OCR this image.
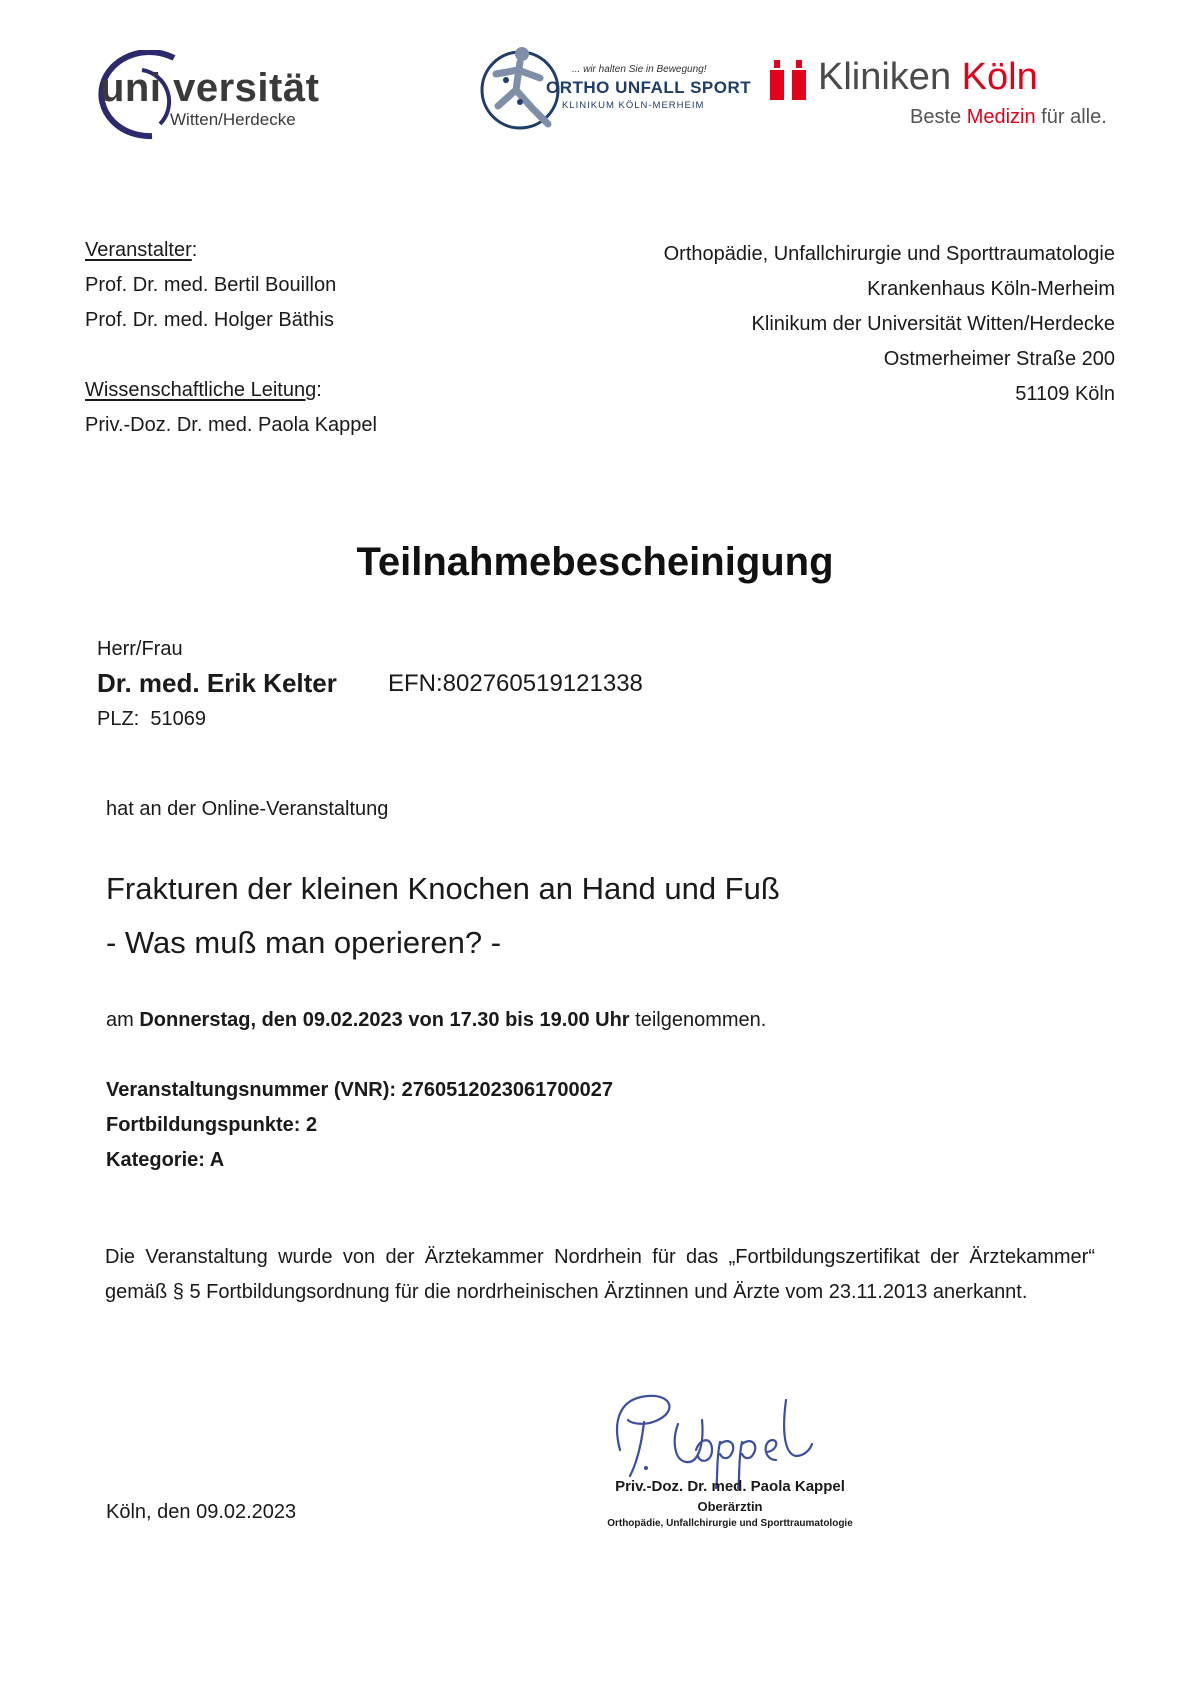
uni versität
Witten/Herdecke
... wir halten Sie in Bewegung!
ORTHO UNFALL SPORT
KLINIKUM KÖLN-MERHEIM
Kliniken Köln
Beste Medizin für alle.
Veranstalter:
Prof. Dr. med. Bertil Bouillon
Prof. Dr. med. Holger Bäthis
Wissenschaftliche Leitung:
Priv.-Doz. Dr. med. Paola Kappel
Orthopädie, Unfallchirurgie und Sporttraumatologie
Krankenhaus Köln-Merheim
Klinikum der Universität Witten/Herdecke
Ostmerheimer Straße 200
51109 Köln
Teilnahmebescheinigung
Herr/Frau
Dr. med. Erik Kelter EFN:802760519121338
PLZ:  51069
hat an der Online-Veranstaltung
Frakturen der kleinen Knochen an Hand und Fuß
- Was muß man operieren? -
am Donnerstag, den 09.02.2023 von 17.30 bis 19.00 Uhr teilgenommen.
Veranstaltungsnummer (VNR): 2760512023061700027
Fortbildungspunkte: 2
Kategorie: A
Die Veranstaltung wurde von der Ärztekammer Nordrhein für das „Fortbildungszertifikat der Ärztekammer“ gemäß § 5 Fortbildungsordnung für die nordrheinischen Ärztinnen und Ärzte vom 23.11.2013 anerkannt.
Köln, den 09.02.2023
Priv.-Doz. Dr. med. Paola Kappel
Oberärztin
Orthopädie, Unfallchirurgie und Sporttraumatologie
